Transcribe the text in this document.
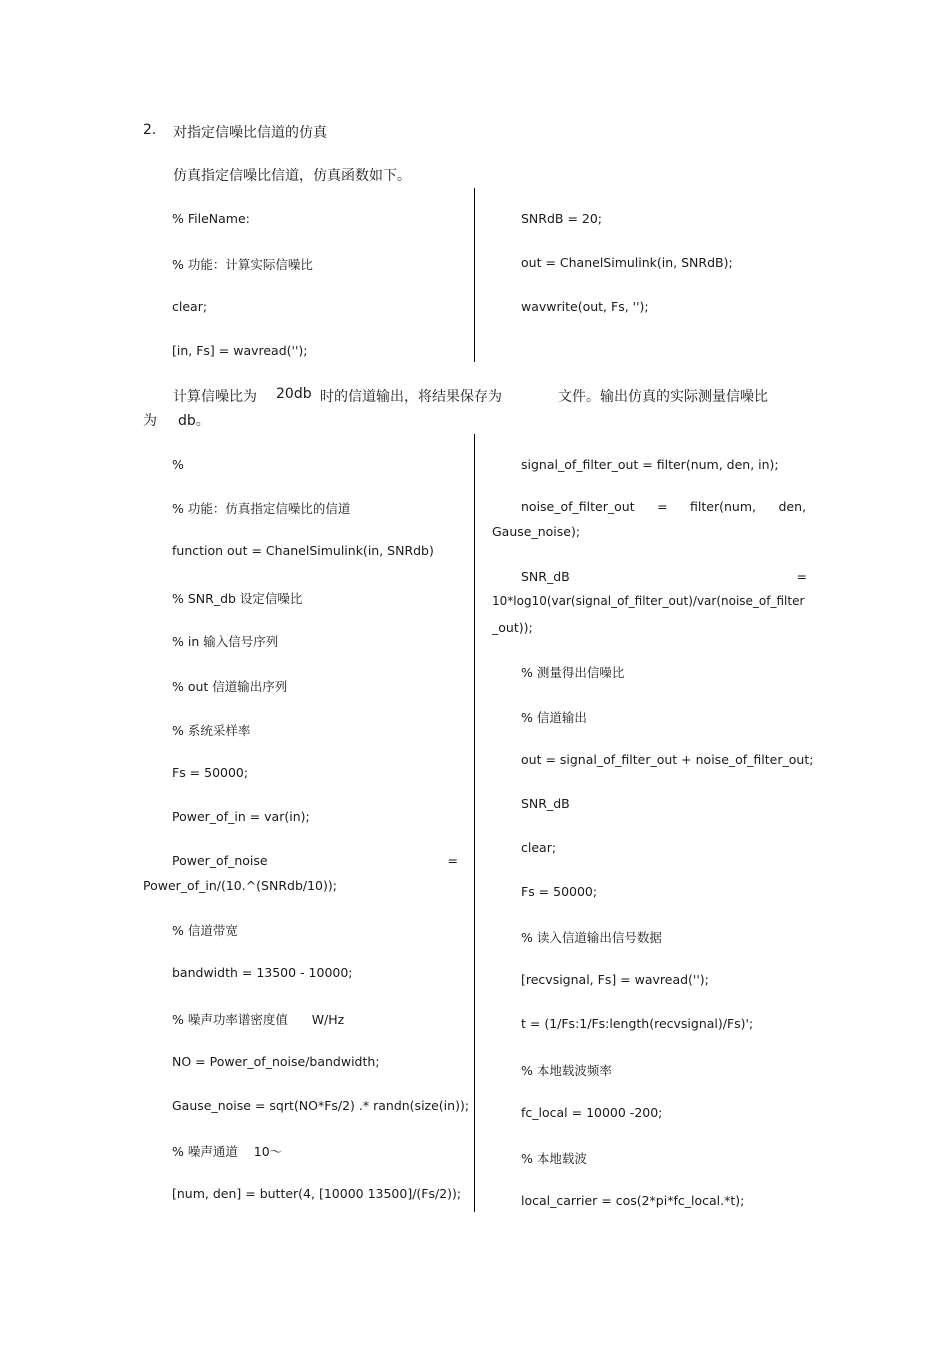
2. 对指定信噪比信道的仿真
仿真指定信噪比信道，仿真函数如下。
% FileName:
% 功能：计算实际信噪比
clear;
[in, Fs] = wavread('');
SNRdB = 20;
out = ChanelSimulink(in, SNRdB);
wavwrite(out, Fs, '');
计算信噪比为 20db 时的信道输出，将结果保存为	文件。输出仿真的实际测量信噪比
为 db。
%
% 功能：仿真指定信噪比的信道
function out = ChanelSimulink(in, SNRdb)
% SNR_db 设定信噪比
% in 输入信号序列
% out 信道输出序列
% 系统采样率
Fs = 50000;
Power_of_in = var(in);
Power_of_noise	=
Power_of_in/(10.^(SNRdb/10));
% 信道带宽
bandwidth = 13500 - 10000;
% 噪声功率谱密度值      W/Hz
NO = Power_of_noise/bandwidth;
Gause_noise = sqrt(NO*Fs/2) .* randn(size(in));
% 噪声通道    10～
[num, den] = butter(4, [10000 13500]/(Fs/2));
signal_of_filter_out = filter(num, den, in);
noise_of_filter_out = filter(num, den,
Gause_noise);
SNR_dB	=
10*log10(var(signal_of_filter_out)/var(noise_of_filter
_out));
% 测量得出信噪比
% 信道输出
out = signal_of_filter_out + noise_of_filter_out;
SNR_dB
clear;
Fs = 50000;
% 读入信道输出信号数据
[recvsignal, Fs] = wavread('');
t = (1/Fs:1/Fs:length(recvsignal)/Fs)';
% 本地载波频率
fc_local = 10000 -200;
% 本地载波
local_carrier = cos(2*pi*fc_local.*t);
